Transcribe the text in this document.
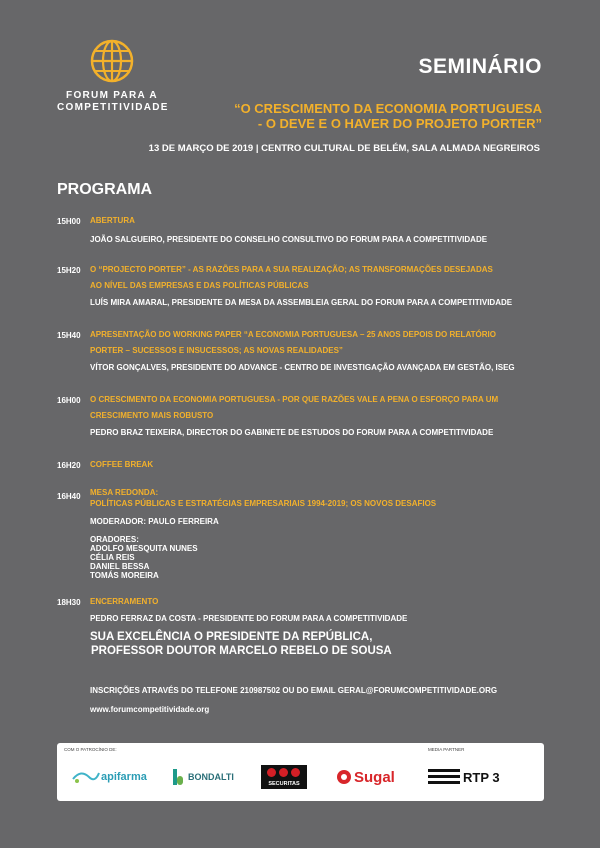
FORUM PARA A
COMPETITIVIDADE
SEMINÁRIO
“O CRESCIMENTO DA ECONOMIA PORTUGUESA
- O DEVE E O HAVER DO PROJETO PORTER”
13 DE MARÇO DE 2019 | CENTRO CULTURAL DE BELÉM, SALA ALMADA NEGREIROS
PROGRAMA
15H00 ABERTURA
JOÃO SALGUEIRO, PRESIDENTE DO CONSELHO CONSULTIVO DO FORUM PARA A COMPETITIVIDADE
15H20 O “PROJECTO PORTER” - AS RAZÕES PARA A SUA REALIZAÇÃO; AS TRANSFORMAÇÕES DESEJADAS
AO NÍVEL DAS EMPRESAS E DAS POLÍTICAS PÚBLICAS
LUÍS MIRA AMARAL, PRESIDENTE DA MESA DA ASSEMBLEIA GERAL DO FORUM PARA A COMPETITIVIDADE
15H40 APRESENTAÇÃO DO WORKING PAPER “A ECONOMIA PORTUGUESA – 25 ANOS DEPOIS DO RELATÓRIO
PORTER – SUCESSOS E INSUCESSOS; AS NOVAS REALIDADES”
VÍTOR GONÇALVES, PRESIDENTE DO ADVANCE - CENTRO DE INVESTIGAÇÃO AVANÇADA EM GESTÃO, ISEG
16H00 O CRESCIMENTO DA ECONOMIA PORTUGUESA - POR QUE RAZÕES VALE A PENA O ESFORÇO PARA UM
CRESCIMENTO MAIS ROBUSTO
PEDRO BRAZ TEIXEIRA, DIRECTOR DO GABINETE DE ESTUDOS DO FORUM PARA A COMPETITIVIDADE
16H20 COFFEE BREAK
16H40 MESA REDONDA:
POLÍTICAS PÚBLICAS E ESTRATÉGIAS EMPRESARIAIS 1994-2019; OS NOVOS DESAFIOS
MODERADOR: PAULO FERREIRA
ORADORES:
ADOLFO MESQUITA NUNES
CÉLIA REIS
DANIEL BESSA
TOMÁS MOREIRA
18H30 ENCERRAMENTO
PEDRO FERRAZ DA COSTA - PRESIDENTE DO FORUM PARA A COMPETITIVIDADE
SUA EXCELÊNCIA O PRESIDENTE DA REPÚBLICA,
PROFESSOR DOUTOR MARCELO REBELO DE SOUSA
INSCRIÇÕES ATRAVÉS DO TELEFONE 210987502 OU DO EMAIL GERAL@FORUMCOMPETITIVIDADE.ORG
www.forumcompetitividade.org
COM O PATROCÍNIO DE:	MEDIA PARTNER
apifarma	BONDALTI
SECURITAS	Sugal	RTP 3
